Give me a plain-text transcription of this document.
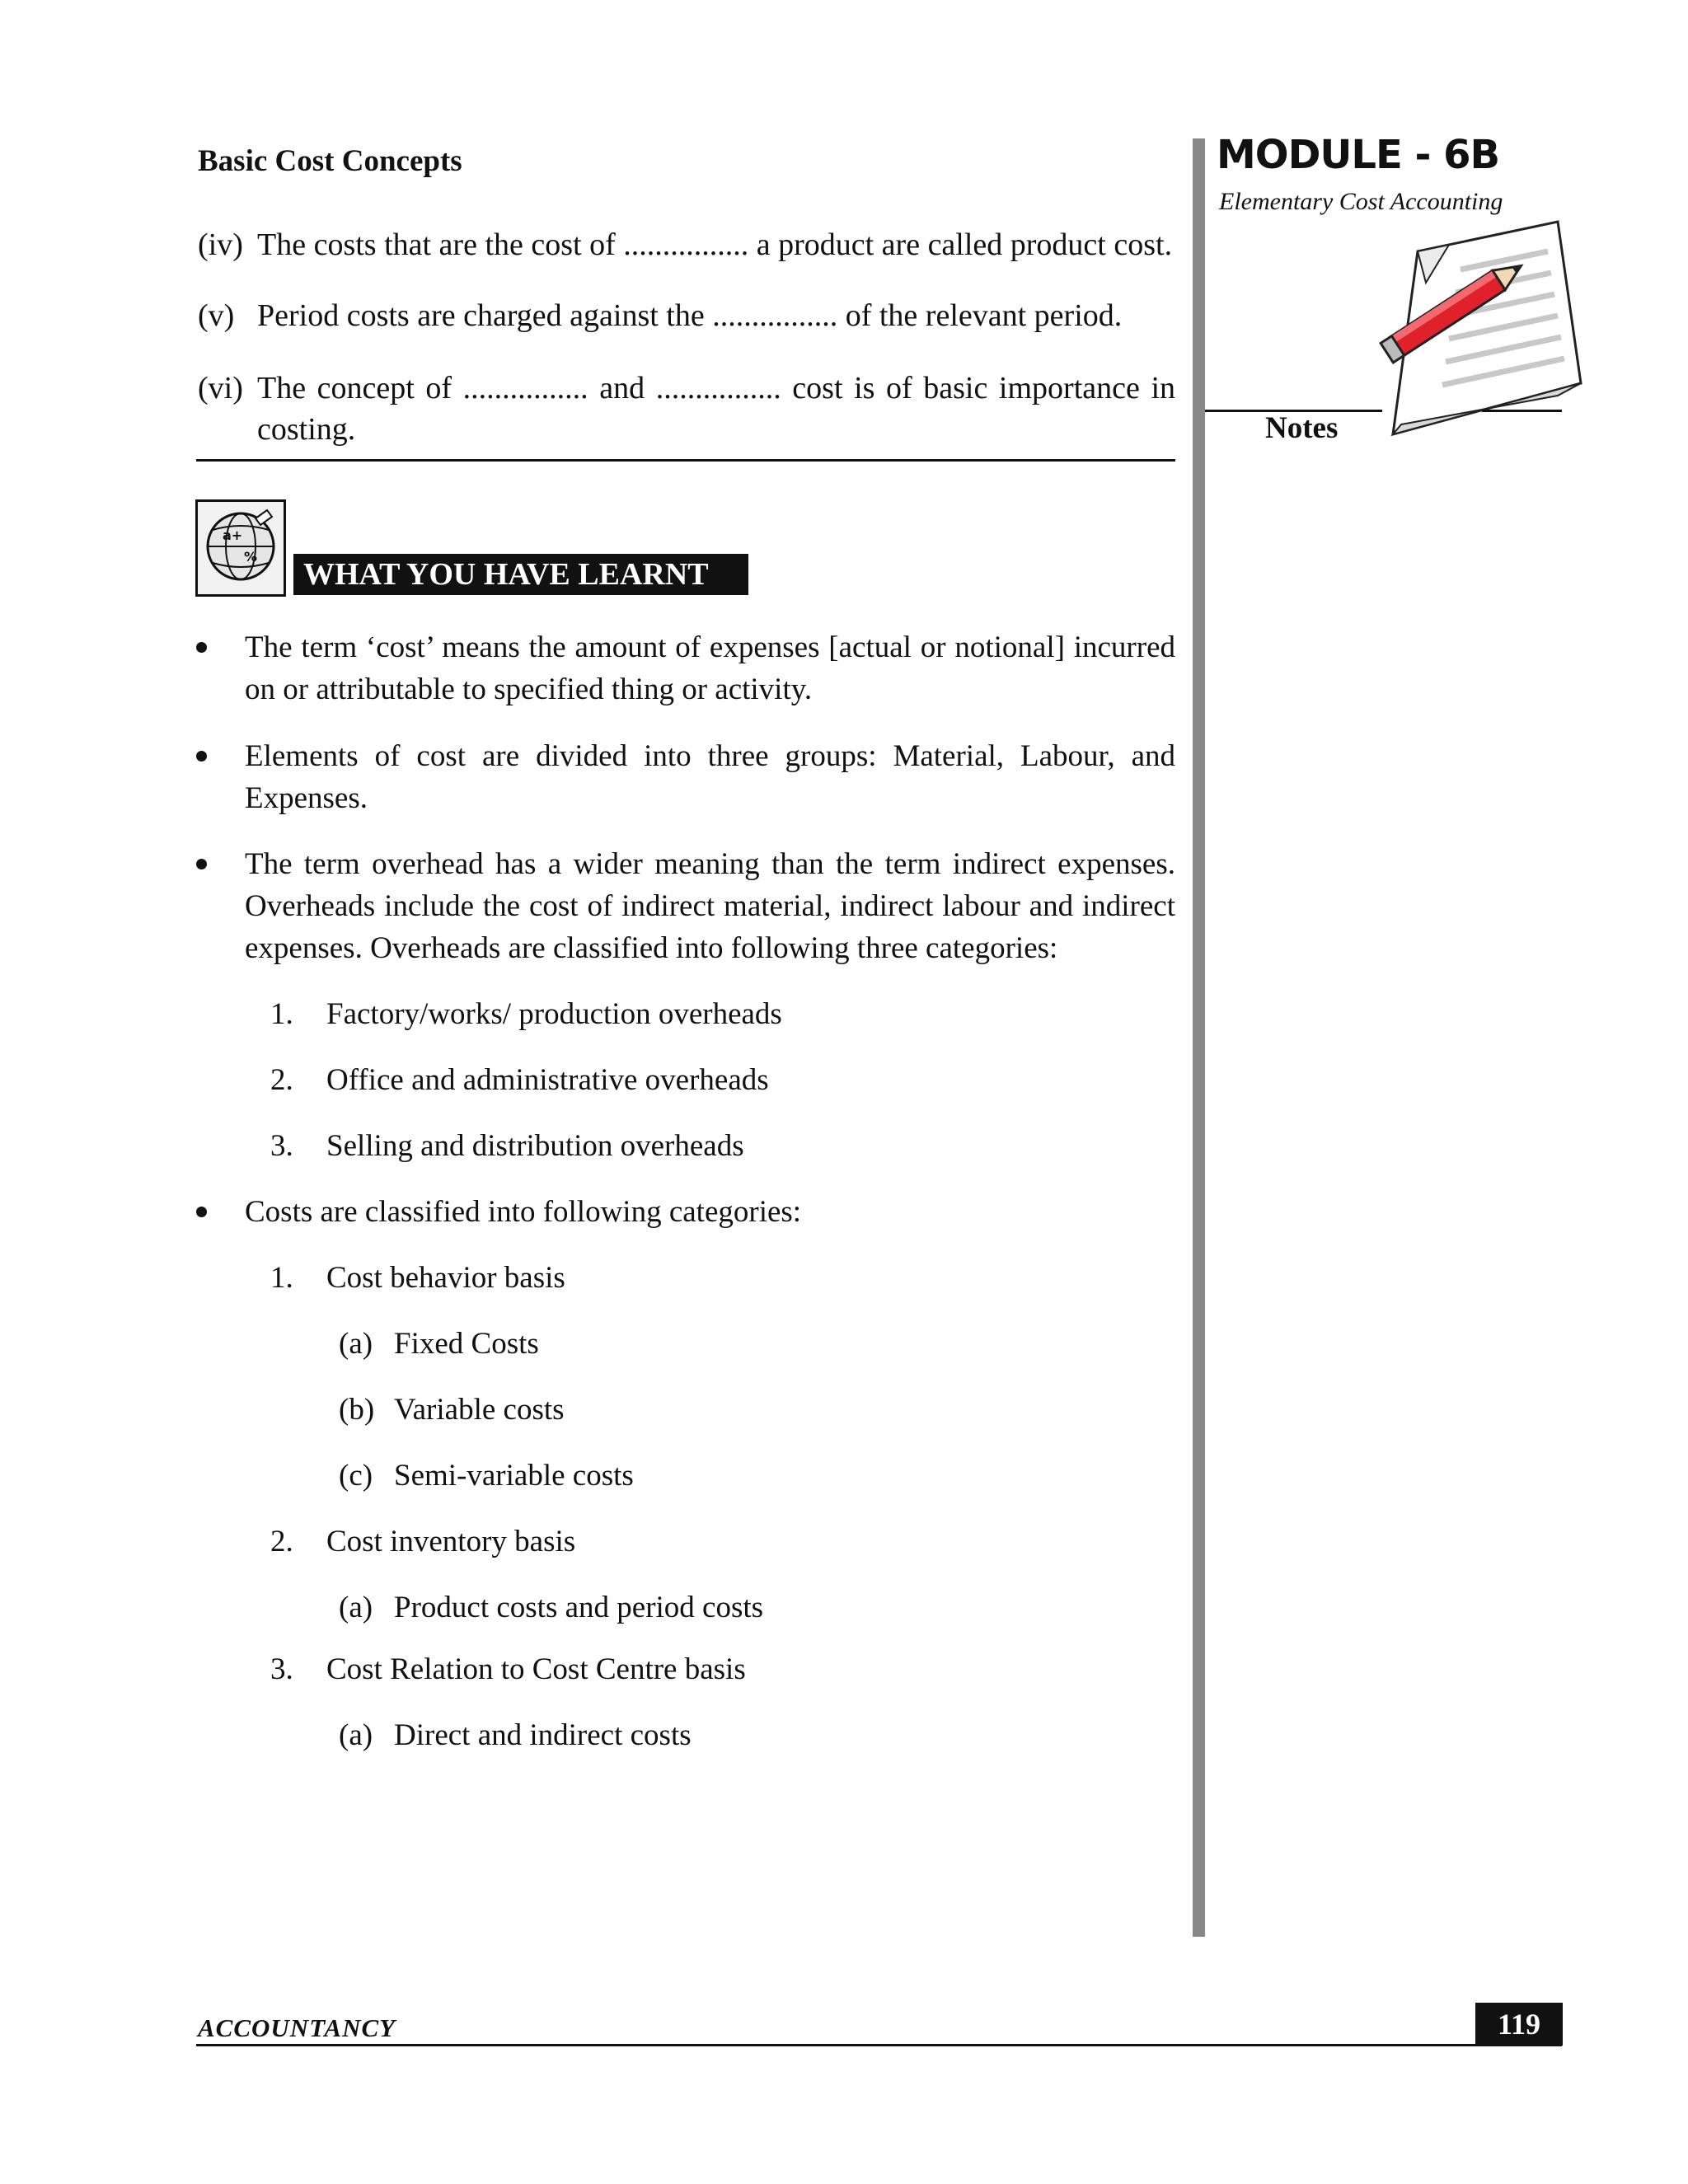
Basic Cost Concepts
(iv) The costs that are the cost of ................ a product are called product cost.
(v) Period costs are charged against the ................ of the relevant period.
(vi) The concept of ................ and ................ cost is of basic importance in
costing.
a+
%
WHAT YOU HAVE LEARNT
The term ‘cost’ means the amount of expenses [actual or notional] incurred on or attributable to specified thing or activity.
Elements of cost are divided into three groups: Material, Labour, and Expenses.
The term overhead has a wider meaning than the term indirect expenses. Overheads include the cost of indirect material, indirect labour and indirect expenses. Overheads are classified into following three categories:
1. Factory/works/ production overheads
2. Office and administrative overheads
3. Selling and distribution overheads
Costs are classified into following categories:
1. Cost behavior basis
(a) Fixed Costs
(b) Variable costs
(c) Semi-variable costs
2. Cost inventory basis
(a) Product costs and period costs
3. Cost Relation to Cost Centre basis
(a) Direct and indirect costs
MODULE - 6B
Elementary Cost Accounting
Notes
ACCOUNTANCY	119
